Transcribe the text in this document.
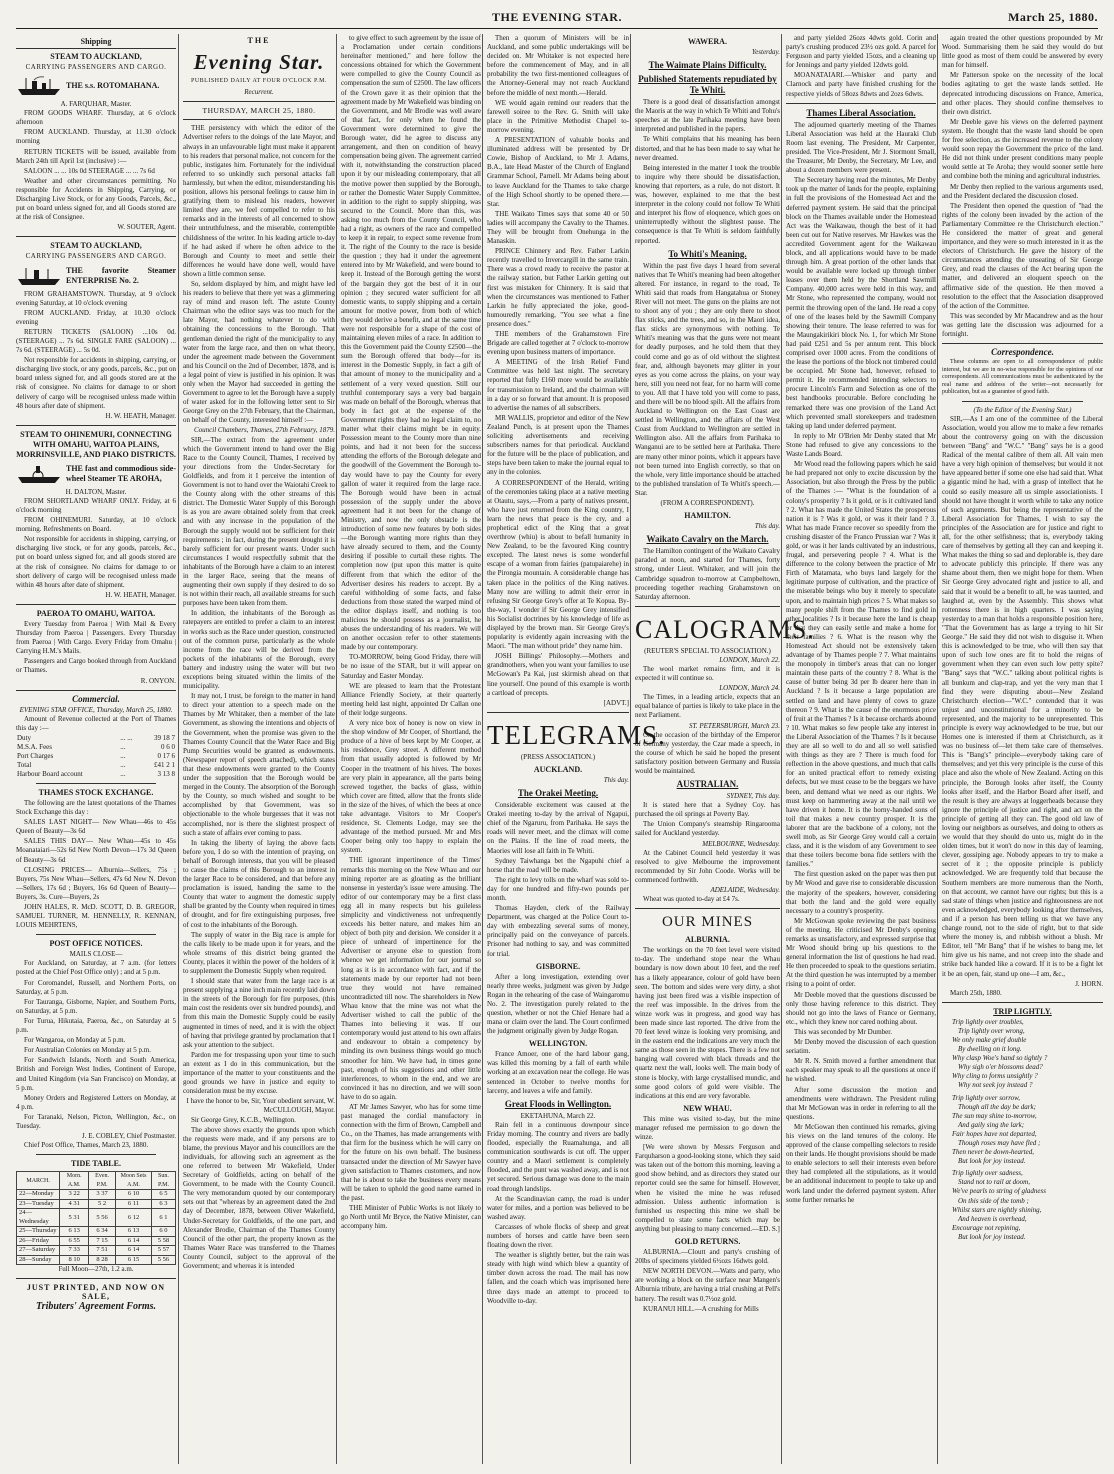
THE EVENING STAR.	March 25, 1880.
Shipping
STEAM TO AUCKLAND,
CARRYING PASSENGERS AND CARGO.
THE s.s. ROTOMAHANA.
A. FARQUHAR, Master.

FROM GOODS WHARF. Thursday, at 6 o'clock afternoon

FROM AUCKLAND. Thursday, at 11.30 o'clock morning

RETURN TICKETS will be issued, available from March 24th till April 1st (inclusive) :—

SALOON ... ... 10s 0d STEERAGE ... ... 7s 6d

Weather and other circumstances permitting. No responsible for Accidents in Shipping, Carrying, or Discharging Live Stock, or for any Goods, Parcels, &c., put on board unless signed for, and all Goods stored are at the risk of Consignee.

W. SOUTER, Agent.
STEAM TO AUCKLAND,
CARRYING PASSENGERS AND CARGO.
THE favorite Steamer ENTERPRISE No. 2.

FROM GRAHAMSTOWN. Thursday, at 9 o'clock evening Saturday, at 10 o'clock evening

FROM AUCKLAND. Friday, at 10.30 o'clock evening

RETURN TICKETS (SALOON) ...10s 0d. (STEERAGE) ... 7s 6d. SINGLE FARE (SALOON) ... 7s 6d. (STEERAGE) ... 5s 0d.

Not responsible for accidents in shipping, carrying, or discharging live stock, or any goods, parcels, &c., put on board unless signed for, and all goods stored are at the risk of consignee. No claims for damage to or short delivery of cargo will be recognised unless made within 48 hours after date of shipment.

H. W. HEATH, Manager.
STEAM TO OHINEMURI, CONNECTING WITH OMAHU, WAITOA PLAINS, MORRINSVILLE, AND PIAKO DISTRICTS.
THE fast and commodious side-wheel Steamer TE AROHA,
H. DALTON, Master.

FROM SHORTLAND WHARF ONLY. Friday, at 6 o'clock morning

FROM OHINEMURI. Saturday, at 10 o'clock morning. Refreshments on Board.

Not responsible for accidents in shipping, carrying, or discharging live stock, or for any goods, parcels, &c., put on board unless signed for, and all goods stored are at the risk of consignee. No claims for damage to or short delivery of cargo will be recognised unless made within 48 hours after date of shipment.

H. W. HEATH, Manager.
PAEROA TO OMAHU, WAITOA.

Every Tuesday from Paeroa | With Mail & Every Thursday from Paeroa | Passengers. Every Thursday from Paeroa | With Cargo. Every Friday from Omahu | Carrying H.M.'s Mails.

Passengers and Cargo booked through from Auckland or Thames.

R. ONYON.
Commercial.
EVENING STAR OFFICE, Thursday, March 25, 1880.

Amount of Revenue collected at the Port of Thames this day :—

Duty	... ...	39 18 7
M.S.A. Fees	...	0 6 0
Port Charges	...	0 17 6
Total	...	£41 2 1
Harbour Board account	...	3 13 8
THAMES STOCK EXCHANGE.

The following are the latest quotations of the Thames Stock Exchange this day :

SALES LAST NIGHT— New Whau—46s to 45s Queen of Beauty—3s 6d

SALES THIS DAY— New Whau—45s to 45s Moanataiari—52s 6d New North Devon—17s 3d Queen of Beauty—3s 6d

CLOSING PRICES— Alburnia—Sellers, 75s ; Buyers, 75s New Whau—Sellers, 47s 6d New N. Devon—Sellers, 17s 6d ; Buyers, 16s 6d Queen of Beauty—Buyers, 3s. Cure—Buyers, 2s

JOHN HALES, R. McD. SCOTT, D. B. GREGOR, SAMUEL TURNER, M. HENNELLY, R. KENNAN, LOUIS MEHRTENS,

POST OFFICE NOTICES.
MAILS CLOSE—

For Auckland, on Saturday, at 7 a.m. (for letters posted at the Chief Post Office only) ; and at 5 p.m.

For Coromandel, Russell, and Northern Ports, on Saturday, at 5 p.m.

For Tauranga, Gisborne, Napier, and Southern Ports, on Saturday, at 5 p.m.

For Turua, Hikutaia, Paeroa, &c., on Saturday at 5 p.m.

For Wangaroa, on Monday at 5 p.m.

For Australian Colonies on Monday at 5 p.m.

For Sandwich Islands, North and South America, British and Foreign West Indies, Continent of Europe, and United Kingdom (via San Francisco) on Monday, at 5 p.m.

Money Orders and Registered Letters on Monday, at 4 p.m.

For Taranaki, Nelson, Picton, Wellington, &c., on Tuesday.

J. E. COBLEY, Chief Postmaster.

Chief Post Office, Thames, March 23, 1880.

TIDE TABLE.
MARCH.	Morn. A.M.	Even. P.M.	Moon Sets A.M.	Sun. P.M.
22—Monday	3 22	3 37	6 10	6 5
23—Tuesday	4 31	5 2	6 11	6 3
24—Wednesday	5 31	5 56	6 12	6 1
25—Thursday	6 13	6 34	6 13	6 0
26—Friday	6 55	7 15	6 14	5 58
27—Saturday	7 33	7 51	6 14	5 57
28—Sunday	8 10	8 28	6 15	5 56
Full Moon—27th, 1.2 a.m.
JUST PRINTED, AND NOW ON SALE,
Tributers' Agreement Forms.
THE
Evening Star.
PUBLISHED DAILY AT FOUR O'CLOCK P.M.
Recurrent.
THURSDAY, MARCH 25, 1880.

THE persistency with which the editor of the Advertiser refers to the doings of the late Mayor, and always in an unfavourable light must make it apparent to his readers that personal malice, not concern for the public, instigates him. Fortunately for the individual referred to so unkindly such personal attacks fall harmlessly, but when the editor, misunderstanding his position, allows his personal feelings to cause him in gratifying them to mislead his readers, however limited they are, we feel compelled to refer to his remarks and in the interests of all concerned to show their untruthfulness, and the miserable, contemptible childishness of the writer. In his leading article to-day if he had asked if where he often advice to the Borough and County to meet and settle their differences he would have done well, would have shown a little common sense.

So, seldom displayed by him, and might have led his readers to believe that there yet was a glimmering ray of mind and reason left. The astute County Chairman who the editor says was too much for the late Mayor, had nothing whatever to do with obtaining the concessions to the Borough. That gentleman denied the right of the municipality to any water from the large race, and then on what theory, under the agreement made between the Government and his Council on the 2nd of December, 1878, and is a legal point of view is justified in his opinion. It was only when the Mayor had succeeded in getting the Government to agree to let the Borough have a supply of water asked for in the following letter sent to Sir George Grey on the 27th February, that the Chairman, on behalf of the County, interested himself :—

Council Chambers, Thames, 27th February, 1879.

SIR,—The extract from the agreement under which the Government intend to hand over the Big Race to the County Council, Thames, I received by your directions from the Under-Secretary for Goldfields, and from it I perceive the intention of Government is not to hand over the Waiotahi Creek to the County along with the other streams of this district. The Domestic Water Supply of this Borough is as you are aware obtained solely from that creek and with any increase in the population of the Borough the supply would not be sufficient for their requirements ; in fact, during the present drought it is barely sufficient for our present wants. Under such circumstances I would respectfully submit that the inhabitants of the Borough have a claim to an interest in the larger Race, seeing that the means of augmenting their own supply if they desired to do so is not within their reach, all available streams for such purposes have been taken from them.

In addition, the inhabitants of the Borough as ratepayers are entitled to prefer a claim to an interest in works such as the Race under question, constructed out of the common purse, particularly as the whole income from the race will be derived from the pockets of the inhabitants of the Borough, every battery and industry using the water will but two exceptions being situated within the limits of the municipality.

It may not, I trust, be foreign to the matter in hand to direct your attention to a speech made on the Thames by Mr Whitaker, then a member of the late Government, as showing the intentions and objects of the Government, when the promise was given to the Thames County Council that the Water Race and Big Pump Securities would be granted as endowments. (Newspaper report of speech attached), which states that these endowments were granted to the County under the supposition that the Borough would be merged in the County. The absorption of the Borough by the County, so much wished and sought to be accomplished by that Government, was so objectionable to the whole burgesses that it was not accomplished, nor is there the slightest prospect of such a state of affairs ever coming to pass.

In taking the liberty of laying the above facts before you, I do so with the intention of praying, on behalf of Borough interests, that you will be pleased to cause the claims of this Borough to an interest in the larger Race to be considered, and that before any proclamation is issued, handing the same to the County that water to augment the domestic supply shall be granted by the County when required in times of drought, and for fire extinguishing purposes, free of cost to the inhabitants of the Borough.

The supply of water in the Big race is ample for the calls likely to be made upon it for years, and the whole streams of this district being granted the County, places it within the power of the holders of it to supplement the Domestic Supply when required.

I should state that water from the large race is at present supplying a nine inch main recently laid down in the streets of the Borough for fire purposes, (this main cost the residents over six hundred pounds), and from this main the Domestic Supply could be easily augmented in times of need, and it is with the object of having that privilege granted by proclamation that I ask your attention to the subject.

Pardon me for trespassing upon your time to such an extent as I do in this communication, but the importance of the matter to your constituents and the good grounds we have in justice and equity to consideration must be my excuse.

I have the honor to be, Sir, Your obedient servant, W. McCULLOUGH, Mayor.

Sir George Grey, K.C.B., Wellington.

The above shows exactly the grounds upon which the requests were made, and if any persons are to blame, the previous Mayor and his councillors are the individuals, for allowing such an agreement as the one referred to between Mr Wakefield, Under Secretary of Goldfields, acting on behalf of the Government, to be made with the County Council. The very memorandum quoted by our contemporary sets out that "whereas by an agreement dated the 2nd day of December, 1878, between Oliver Wakefield, Under-Secretary for Goldfields, of the one part, and Alexander Brodie, Chairman of the Thames County Council of the other part, the property known as the Thames Water Race was transferred to the Thames County Council, subject to the approval of the Government; and whereas it is intended

to give effect to such agreement by the issue of a Proclamation under certain conditions hereinafter mentioned," and here follow the concessions obtained for which the Government were compelled to give the County Council as compensation the sum of £2500. The law officers of the Crown gave it as their opinion that the agreement made by Mr Wakefield was binding on the Government, and Mr Brodie was well aware of that fact, for only when he found the Government were determined to give the Borough water, did he agree to discuss any arrangement, and then on condition of heavy compensation being given. The agreement carried with it, notwithstanding the construction placed upon it by our misleading contemporary, that all the motive power then supplied by the Borough, or rather the Domestic Water Supply Committee, in addition to the right to supply shipping, was secured to the Council. More than this, was asking too much from the County Council, who had a right, as owners of the race and compelled to keep it in repair, to expect some revenue from it. The right of the County to the race is beside the question ; they had it under the agreement entered into by Mr Wakefield, and were bound to keep it. Instead of the Borough getting the worst of the bargain they got the best of it in our opinion ; they secured water sufficient for all domestic wants, to supply shipping and a certain amount for motive power, from both of which they would derive a benefit, and at the same time were not responsible for a shape of the cost of maintaining eleven miles of a race. In addition to this the Government paid the County £2500—the sum the Borough offered that body—for its interest in the Domestic Supply, in fact a gift of that amount of money to the municipality and a settlement of a very vexed question. Still our truthful contemporary says a very bad bargain was made on behalf of the Borough, whereas that body in fact got at the expense of the Government rights they had no legal claim to, no matter what their claims might be in equity. Possession meant to the County more than nine points, and had it not been for the success attending the efforts of the Borough delegate and the goodwill of the Government the Borough to-day would have to pay the County for every gallon of water it required from the large race. The Borough would have been in actual possession of the supply under the above agreement had it not been for the change of Ministry, and now the only obstacle is the introduction of some new features by both sides—the Borough wanting more rights than they have already secured to them, and the County desiring if possible to curtail these rights. The completion now (put upon this matter is quite different from that which the editor of the Advertiser desires his readers to accept. By a careful withholding of some facts, and false deductions from those stated the warped mind of the editor displays itself, and nothing is too malicious he should possess as a journalist, he abuses the understanding of his readers. We will on another occasion refer to other statements made by our contemporary.

TO-MORROW, being Good Friday, there will be no issue of the STAR, but it will appear on Saturday and Easter Monday.

WE are pleased to learn that the Protestant Alliance Friendly Society, at their quarterly meeting held last night, appointed Dr Callan one of their lodge surgeons.

A very nice box of honey is now on view in the shop window of Mr Cooper, of Shortland, the produce of a hive of bees kept by Mr Cooper, at his residence, Grey street. A different method from that usually adopted is followed by Mr Cooper in the treatment of his hives. The boxes are very plain in appearance, all the parts being screwed together, the backs of glass, within which cover are fitted, allow that the fronts slide in the size of the hives, of which the bees at once take advantage. Visitors to Mr Cooper's residence, St. Clements Lodge, may see the advantage of the method pursued. Mr and Mrs Cooper being only too happy to explain the system.

THE ignorant impertinence of the Times' remarks this morning on the New Whau and our mining reporter are as gloating as the brilliant nonsense in yesterday's issue were amusing. The editor of our contemporary may be a first class egg all in many respects but his guileless simplicity and vindictiveness not unfrequently exceeds his better nature, and makes him an object of both pity and derision. We consider it a piece of unheard of impertinence for the Advertiser or anyone else to question from whence we get information for our journal so long as it is in accordance with fact, and if the statements made by our reporter had not been true they would not have remained uncontradicted till now. The shareholders in New Whau know that the mine was not what the Advertiser wished to call the public of the Thames into believing it was. If our contemporary would just attend to his own affairs and endeavour to obtain a competency by minding its own business things would go much smoother for him. We have had, in times gone past, enough of his suggestions and other little interferences, to whom in the end, and we are convinced it has no direction, and we will soon have to do so again.

AT Mr James Sawyer, who has for some time past managed the cordial manufactory in connection with the firm of Brown, Campbell and Co., on the Thames, has made arrangements with that firm for the business which he will carry on for the future on his own behalf. The business transacted under the direction of Mr Sawyer have given satisfaction to Thames customers, and now that he is about to take the business every means will be taken to uphold the good name earned in the past.

THE Minister of Public Works is not likely to go North until Mr Bryce, the Native Minister, can accompany him.

Then a quorum of Ministers will be in Auckland, and some public undertakings will be decided on. Mr Whitaker is not expected here before the commencement of May, and in all probability the two first-mentioned colleagues of the Attorney-General may not reach Auckland before the middle of next month.—Herald.

WE would again remind our readers that the farewell soiree to the Rev. G. Smith will take place in the Primitive Methodist Chapel to-morrow evening.

A PRESENTATION of valuable books and illuminated address will be presented by Dr Cowie, Bishop of Auckland, to Mr J. Adams, B.A., late Head Master of the Church of England Grammar School, Parnell. Mr Adams being about to leave Auckland for the Thames to take charge of the High School shortly to be opened there.—Star.

THE Waikato Times says that some 40 or 50 ladies will accompany the Cavalry to the Thames. They will be brought from Onehunga in the Manaskin.

PRINCE Chinnery and Rev. Father Larkin recently travelled to Invercargill in the same train. There was a crowd ready to receive the pastor at the railway station, but Father Larkin getting out first was mistaken for Chinnery. It is said that when the circumstances was mentioned to Father Larkin he fully appreciated the joke, good-humouredly remarking, "You see what a fine presence does."

THE members of the Grahamstown Fire Brigade are called together at 7 o'clock to-morrow evening upon business matters of importance.

A MEETING of the Irish Relief Fund Committee was held last night. The secretary reported that fully £160 more would be available for transmission to Ireland, and the chairman will in a day or so forward that amount. It is proposed to advertise the names of all subscribers.

MR WALLIS, proprietor and editor of the New Zealand Punch, is at present upon the Thames soliciting advertisements and receiving subscribers names for that periodical. Auckland for the future will be the place of publication, and steps have been taken to make the journal equal to any in the colonies.

A CORRESPONDENT of the Herald, writing of the ceremonies taking place at a native meeting at Otautu, says,—From a party of natives present, who have just returned from the King country, I learn the news that peace is the cry, and a prophetical edict of the King that a great overthrow (whiu) is about to befall humanity in New Zealand, to be the favoured King country excepted. The latest news is some wonderful escape of a woman from fairies (patupaiarehe) in the Pirongia mountain. A considerable change has taken place in the politics of the King natives. Many now are willing to admit their error in refusing Sir George Grey's offer at Te Kopua. By-the-way, I wonder if Sir George Grey intensified his Socialist doctrines by his knowledge of life as displayed by the brown man. Sir George Grey's popularity is evidently again increasing with the Maori. "The man without pride" they name him.

JOSH Billings' Philosophy.—Mothers and grandmothers, when you want your families to use McGowan's Pa Kai, just skirmish ahead on that line yourself. One pound of this example is worth a cartload of precepts.

[ADVT.]
TELEGRAMS.
(PRESS ASSOCIATION.)
AUCKLAND.
This day.
The Orakei Meeting.

Considerable excitement was caused at the Orakei meeting to-day by the arrival of Ngapui, chief of the Ngaruru, from Parihaka. He says the roads will never meet, and the climax will come on the Plains. If the line of road meets, the Maories will lose all faith in Te Whiti.

Sydney Taiwhanga bet the Ngapuhi chief a horse that the road will be made.

The right to levy tolls on the wharf was sold to-day for one hundred and fifty-two pounds per month.

Thomas Hayden, clerk of the Railway Department, was charged at the Police Court to-day with embezzling several sums of money, principally paid on the conveyance of parcels. Prisoner had nothing to say, and was committed for trial.

GISBORNE.

After a long investigation, extending over nearly three weeks, judgment was given by Judge Rogan in the rehearing of the case of Waingaromu No. 2. The investigation purely related to the question, whether or not the Chief Henare had a mana or claim over the land. The Court confirmed the judgment originally given by Judge Rogan.

WELLINGTON.

France Amoer, one of the hard labour gang, was killed this morning by a fall of earth while working at an excavation near the college. He was sentenced in October to twelve months for larceny, and leaves a wife and family.

Great Floods in Wellington.
EKETAHUNA, March 22.

Rain fell in a continuous downpour since Friday morning. The country and rivers are badly flooded, especially the Ruamahunga, and all communication southwards is cut off. The upper country and a Maori settlement is completely flooded, and the punt was washed away, and is not yet secured. Serious damage was done to the main road through landslips.

At the Scandinavian camp, the road is under water for miles, and a portion was believed to be washed away.

Carcasses of whole flocks of sheep and great numbers of horses and cattle have been seen floating down the river.

The weather is slightly better, but the rain was steady with high wind which blew a quantity of timber down across the road. The mail has now fallen, and the coach which was imprisoned here three days made an attempt to proceed to Woodville to-day.

WAWERA.
Yesterday.
The Waimate Plains Difficulty.
Published Statements repudiated by Te Whiti.

There is a good deal of dissatisfaction amongst the Maoris at the way in which Te Whiti and Tohu's speeches at the late Parihaka meeting have been interpreted and published in the papers.

Te Whiti complains that his meaning has been distorted, and that he has been made to say what he never dreamed.

Being interested in the matter I took the trouble to inquire why there should be dissatisfaction, knowing that reporters, as a rule, do not distort. It was, however, explained to me that the best interpreter in the colony could not follow Te Whiti and interpret his flow of eloquence, which goes on uninterruptedly without the slightest pause. The consequence is that Te Whiti is seldom faithfully reported.

To Whiti's Meaning.

Within the past five days I heard from several natives that Te Whiti's meaning had been altogether altered. For instance, in regard to the road, Te Whiti said that roads from Hangatahua or Stoney River will not meet. The guns on the plains are not to shoot any of you ; they are only there to shoot flax sticks, and the trees, and so, in the Maori idea, flax sticks are synonymous with nothing. Te Whiti's meaning was that the guns were not meant for deadly purposes, and he told them that they could come and go as of old without the slightest fear, and, although bayonets may glitter in your eyes as you come across the plains, on your way here, still you need not fear, for no harm will come to you. All that I have told you will come to pass, and there will be no blood spilt. All the affairs from Auckland to Wellington on the East Coast are settled in Wellington, and the affairs of the West Coast from Auckland to Wellington are settled in Wellington also. All the affairs from Parihaka to Wanganui are to be settled here at Parihaka. There are many other minor points, which it appears have not been turned into English correctly, so that on the whole, very little importance should be attached to the published translation of Te Whiti's speech.—Star.

(FROM A CORRESPONDENT).
HAMILTON.
This day.
Waikato Cavalry on the March.

The Hamilton contingent of the Waikato Cavalry paraded at noon, and started for Thames, forty strong, under Lieut. Whitaker, and will join the Cambridge squadron to-morrow at Campbeltown, proceeding together reaching Grahamstown on Saturday afternoon.

CALOGRAMS.
(REUTER'S SPECIAL TO ASSOCIATION.)
LONDON, March 22.

The wool market remains firm, and it is expected it will continue so.

LONDON, March 24.

The Times, in a leading article, expects that an equal balance of parties is likely to take place in the next Parliament.

ST. PETERSBURGH, March 23.

On the occasion of the birthday of the Emperor of Germany yesterday, the Czar made a speech, in the course of which he said he hoped the present satisfactory position between Germany and Russia would be maintained.

AUSTRALIAN.
SYDNEY, This day.

It is stated here that a Sydney Coy. has purchased the oil springs at Poverty Bay.

The Union Company's steamship Ringarooma sailed for Auckland yesterday.

MELBOURNE, Wednesday.

At the Cabinet Council held yesterday it was resolved to give Melbourne the improvement recommended by Sir John Coode. Works will be commenced forthwith.

ADELAIDE, Wednesday.

Wheat was quoted to-day at £4 7s.

OUR MINES
ALBURNIA.

The workings on the 70 feet level were visited to-day. The underhand stope near the Whau boundary is now down about 10 feet, and the reef has a likely appearance, colour of gold have been seen. The bottom and sides were very dirty, a shot having just been fired was a visible inspection of the reef was impossible. In the drives from the winze work was in progress, and good way has been made since last reported. The drive from the 70 feet level winze is looking very promising, and in the eastern end the indications are very much the same as those seen in the stopes. There is a few not banging wall covered with black threads and the quartz next the wall, looks well. The main body of stone is blocky, with large crystallised mundic, and some good colors of gold were visible. The indications at this end are very favorable.

NEW WHAU.

This mine was visited to-day, but the mine manager refused me permission to go down the winze.

[We were shown by Messrs Ferguson and Farquharson a good-looking stone, which they said was taken out of the bottom this morning, leaving a good show behind, and as directors they stated our reporter could see the same for himself. However, when he visited the mine he was refused admission. Unless authentic information is furnished us respecting this mine we shall be compelled to state some facts which may be anything but pleasing to many concerned.—ED. S.]

GOLD RETURNS.

ALBURNIA.—Cloutt and party's crushing of 20lbs of specimens yielded 6½ozs 16dwts gold.

NEW NORTH DEVON.—Watts and party, who are working a block on the surface near Mangen's Alburnia tribute, are having a trial crushing at Pell's battery. The result was 0.7½oz gold.

KURANUI HILL.—A crushing for Mills

and party yielded 26ozs 4dwts gold. Corin and party's crushing produced 23½ ozs gold. A parcel for Ferguson and party yielded 15ozs, and a cleaning up for Jennings and party yielded 12dwts gold.

MOANATAIARI.—Whisker and party and Clarnock and party have finished crushing for the respective yields of 58ozs 8dwts and 2ozs 6dwts.

Thames Liberal Association.

The adjourned quarterly meeting of the Thames Liberal Association was held at the Hauraki Club Room last evening. The President, Mr Carpenter, presided. The Vice-President, Mr J. Stormont Small, the Treasurer, Mr Denby, the Secretary, Mr Lee, and about a dozen members were present.

The Secretary having read the minutes, Mr Denby took up the matter of lands for the people, explaining in full the provisions of the Homestead Act and the deferred payment system. He said that the principal block on the Thames available under the Homestead Act was the Waikawau, though the best of it had been cut out for Native reserves. Mr Hawkes was the accredited Government agent for the Waikawau block, and all applications would have to be made through him. A great portion of the other lands that would be available were locked up through timber leases over them held by the Shortland Sawmill Company. 40,000 acres were held in this way, and Mr Stone, who represented the company, would not permit the throwing open of the land. He read a copy of one of the leases held by the Sawmill Company showing their tenure. The lease referred to was for the Maungakirikiri block No. 1, for which Mr Stone had paid £251 and 5s per annum rent. This block comprised over 1000 acres. From the conditions of the lease the portions of the block not timbered could be occupied. Mr Stone had, however, refused to permit it. He recommended intending selectors to procure Lincoln's Farm and Selection as one of the best handbooks procurable. Before concluding he remarked there was one provision of the Land Act which prevented small storekeepers and tradesmen taking up land under deferred payment.

In reply to Mr O'Brien Mr Denby stated that Mr Stone had refused to give any concessions to the Waste Lands Board.

Mr Wood read the following papers which he said he had prepared not only to excite discussion by the Association, but also through the Press by the public of the Thames :— "What is the foundation of a colony's prosperity ? Is it gold, or is it cultivated land ? 2. What has made the United States the prosperous nation it is ? Was it gold, or was it their land ? 3. What has made France recover so speedily from the crushing disaster of the Franco Prussian war ? Was it gold, or was it her lands cultivated by an industrious, frugal, and persevering people ? 4. What is the difference to the colony between the practice of Mr Firth of Matamata, who buys land largely for the legitimate purpose of cultivation, and the practice of the miserable beings who buy it merely to speculate upon, and to maintain high prices ? 5. What makes so many people shift from the Thames to find gold in other localities ? Is it because here the land is cheap or that they can easily settle and make a home for their families ? 6. What is the reason why the Homestead Act should not be extensively taken advantage of by Thames people ? 7. What maintains the monopoly in timber's areas that can no longer maintain these parts of the country ? 8. What is the cause of butter being 3d per lb dearer here than in Auckland ? Is it because a large population are settled on land and have plenty of cows to graze thereon ? 9. What is the cause of the enormous price of fruit at the Thames ? Is it because orchards abound ? 10. What makes so few people take any interest in the Liberal Association of the Thames ? Is it because they are all so well to do and all so well satisfied with things as they are ? There is much food for reflection in the above questions, and much that calls for an united practical effort to remedy existing defects, but we must cease to be the beggars we have been, and demand what we need as our rights. We must keep on hammering away at the nail until we have driven it home. It is the horny-handed sons of toil that makes a new country prosper. It is the laborer that are the backbone of a colony, not the swell mob, as Sir George Grey would call a certain class, and it is the wisdom of any Government to see that these toilers become bona fide settlers with the families."

The first question asked on the paper was then put by Mr Wood and gave rise to considerable discussion the majority of the speakers, however, considering that both the land and the gold were equally necessary to a country's prosperity.

Mr McGowan spoke reviewing the past business of the meeting. He criticised Mr Denby's opening remarks as unsatisfactory, and expressed surprise that Mr Wood should bring up his questions to the general information the list of questions he had read. He then proceeded to speak to the questions seriatim. At the third question he was interrupted by a member rising to a point of order.

Mr Deeble moved that the questions discussed be only those having reference to this district. They should not go into the laws of France or Germany, etc., which they knew nor cared nothing about.

This was seconded by Mr Dumber.

Mr Denby moved the discussion of each question seriatim.

Mr R. N. Smith moved a further amendment that each speaker may speak to all the questions at once if he wished.

After some discussion the motion and amendments were withdrawn. The President ruling that Mr McGowan was in order in referring to all the questions.

Mr McGowan then continued his remarks, giving his views on the land tenures of the colony. He approved of the clause compelling selectors to reside on their lands. He thought provisions should be made to enable selectors to sell their interests even before they had completed all the stipulations, as it would be an additional inducement to people to take up and work land under the deferred payment system. After some further remarks he

again treated the other questions propounded by Mr Wood. Summarising them he said they would do but little good as most of them could be answered by every man for himself.

Mr Patterson spoke on the necessity of the local bodies agitating to get the waste lands settled. He deprecated introducing discussions on France, America, and other places. They should confine themselves to their own district.

Mr Deeble gave his views on the deferred payment system. He thought that the waste land should be open for free selection, as the increased revenue to the colony would soon repay the Government the price of the land. He did not think under present conditions many people would settle at Te Aroha; they would sooner settle here and combine both the mining and agricultural industries.

Mr Denby then replied to the various arguments used, and the President declared the discussion closed.

The President then opened the question of "had the rights of the colony been invaded by the action of the Parliamentary Committee re the Christchurch election." He considered the matter of great and general importance, and they were so much interested in it as the electors of Christchurch. He gave the history of the circumstances attending the unseating of Sir George Grey, and read the clauses of the Act bearing upon the matter, and delivered an eloquent speech on the affirmative side of the question. He then moved a resolution to the effect that the Association disapproved of the action of the Committee.

This was seconded by Mr Macandrew and as the hour was getting late the discussion was adjourned for a fortnight.

Correspondence.

These columns are open to all correspondence of public interest, but we are in no-wise responsible for the opinions of our correspondents. All communications must be authenticated by the real name and address of the writer—not necessarily for publication, but as a guarantee of good faith.

(To the Editor of the Evening Star.)

SIR,—As I am one of the committee of the Liberal Association, would you allow me to make a few remarks about the controversy going on with the discussion between "Bang" and "W.C." "Bang" says he is a good Radical of the mental calibre of them all. All vain men have a very high opinion of themselves; but would it not have appeared better if some one else had said that. What a gigantic mind he had, with a grasp of intellect that he could so easily measure all us simple associationists. I should not have thought it worth while to take any notice of such arguments. But being the representative of the Liberal Association for Thames, I wish to say the principles of the Association are for justice and right to all, for the other selfishness; that is, everybody taking care of themselves by getting all they can and keeping it. What makes the thing so sad and deplorable is, they dare to advocate publicly this principle. If there was any shame about them, then we might hope for them. When Sir George Grey advocated right and justice to all, and said that it would be a benefit to all, he was taunted, and laughed at, even by the Assembly. This shows what rottenness there is in high quarters. I was saying yesterday to a man that holds a responsible position here, "That the Government has as large a trying to hit Sir George." He said they did not wish to disguise it. When this is acknowledged to be true, who will then say that upon of such low ones are fit to hold the reigns of government when they can even such low petty spite? "Bang" says that "W.C." talking about political rights is all bunkum and clap-trap, and yet the very man that I find they were disputing about—New Zealand Christchurch election—"W.C." contended that it was unjust and unconstitutional for a minority to be represented, and the majority to be unrepresented. This principle is every way acknowledged to be true, but our Homes one is interested if them at Christchurch, as it was no business of—let them take care of themselves. This is "Bang's" principle—everybody taking care of themselves; and yet this very principle is the curse of this place and also the whole of New Zealand. Acting on this principle, the Borough looks after itself, the County looks after itself, and the Harbor Board after itself, and the result is they are always at loggerheads because they ignore the principle of justice and right, and act on the principle of getting all they can. The good old law of loving our neighbors as ourselves, and doing to others as we would that they should do unto us, might do in the olden times, but it won't do now in this day of learning, clever, gossiping age. Nobody appears to try to make a secret of it ; the opposite principle is publicly acknowledged. We are frequently told that because the Southern members are more numerous than the North, on that account, we cannot have our rights; but this is a sad state of things when justice and righteousness are not even acknowledged, everybody looking after themselves, and if a person has been telling us that we have any change round, not to the side of right, but to that side where the money is, and rubbish without a blush. Mr Editor, tell "Mr Bang" that if he wishes to bang me, let him give us his name, and not creep into the shade and strike back handed like a coward. If it is to be a fight let it be an open, fair, stand up one—I am, &c.,

J. HORN.

March 25th, 1880.

TRIP LIGHTLY.
Trip lightly over troubles,
Trip lightly over wrong,
We only make grief double
By dwelling on it long.
Why clasp Woe's hand so tightly ?
Why sigh o'er blossoms dead?
Why cling to forms unsightly ?
Why not seek joy instead ?
Trip lightly over sorrow,
Though all the day be dark;
The sun may shine to-morrow,
And gaily sing the lark;
Fair hopes have not departed,
Though roses may have fled ;
Then never be down-hearted,
But look for joy instead.
Trip lightly over sadness,
Stand not to rail at doom,
We've pearls to string of gladness
On this side of the tomb ;
Whilst stars are nightly shining,
And heaven is overhead,
Encourage not repining,
But look for joy instead.
